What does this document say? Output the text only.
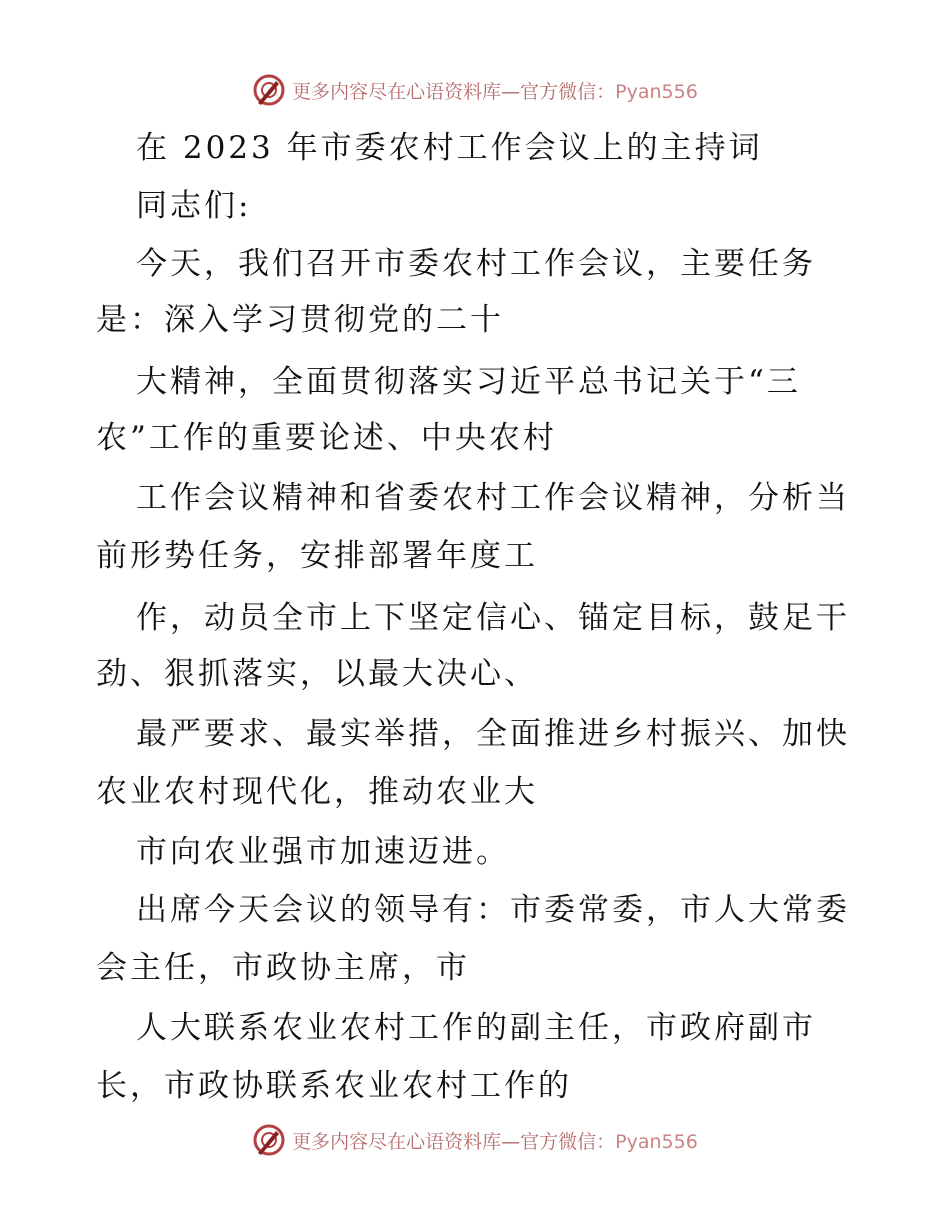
更多内容尽在心语资料库—官方微信：Pyan556
在 2023 年市委农村工作会议上的主持词
同志们:
今天，我们召开市委农村工作会议，主要任务
是：深入学习贯彻党的二十
大精神，全面贯彻落实习近平总书记关于“三
农”工作的重要论述、中央农村
工作会议精神和省委农村工作会议精神，分析当
前形势任务，安排部署年度工
作，动员全市上下坚定信心、锚定目标，鼓足干
劲、狠抓落实，以最大决心、
最严要求、最实举措，全面推进乡村振兴、加快
农业农村现代化，推动农业大
市向农业强市加速迈进。
出席今天会议的领导有：市委常委，市人大常委
会主任，市政协主席，市
人大联系农业农村工作的副主任，市政府副市
长，市政协联系农业农村工作的
更多内容尽在心语资料库—官方微信：Pyan556
